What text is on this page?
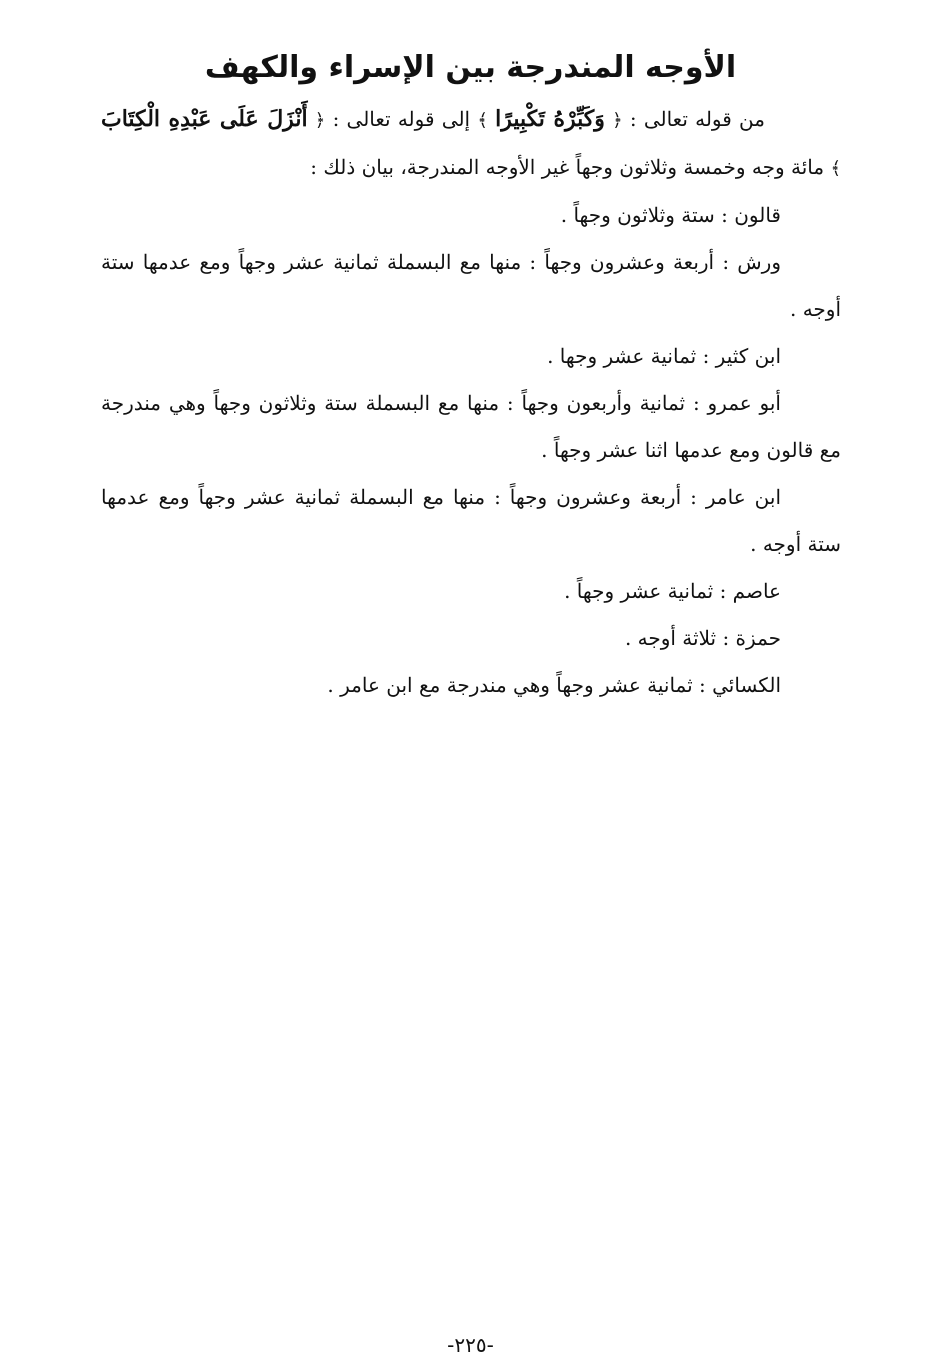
الأوجه المندرجة بين الإسراء والكهف

من قوله تعالى : ﴿ وَكَبِّرْهُ تَكْبِيرًا ﴾ إلى قوله تعالى : ﴿ أَنْزَلَ عَلَى عَبْدِهِ الْكِتَابَ ﴾ مائة وجه وخمسة وثلاثون وجهاً غير الأوجه المندرجة، بيان ذلك :

قالون : ستة وثلاثون وجهاً .

ورش : أربعة وعشرون وجهاً : منها مع البسملة ثمانية عشر وجهاً ومع عدمها ستة أوجه .

ابن كثير : ثمانية عشر وجها .

أبو عمرو : ثمانية وأربعون وجهاً : منها مع البسملة ستة وثلاثون وجهاً وهي مندرجة مع قالون ومع عدمها اثنا عشر وجهاً .

ابن عامر : أربعة وعشرون وجهاً : منها مع البسملة ثمانية عشر وجهاً ومع عدمها ستة أوجه .

عاصم : ثمانية عشر وجهاً .

حمزة : ثلاثة أوجه .

الكسائي : ثمانية عشر وجهاً وهي مندرجة مع ابن عامر .

-٢٢٥-
